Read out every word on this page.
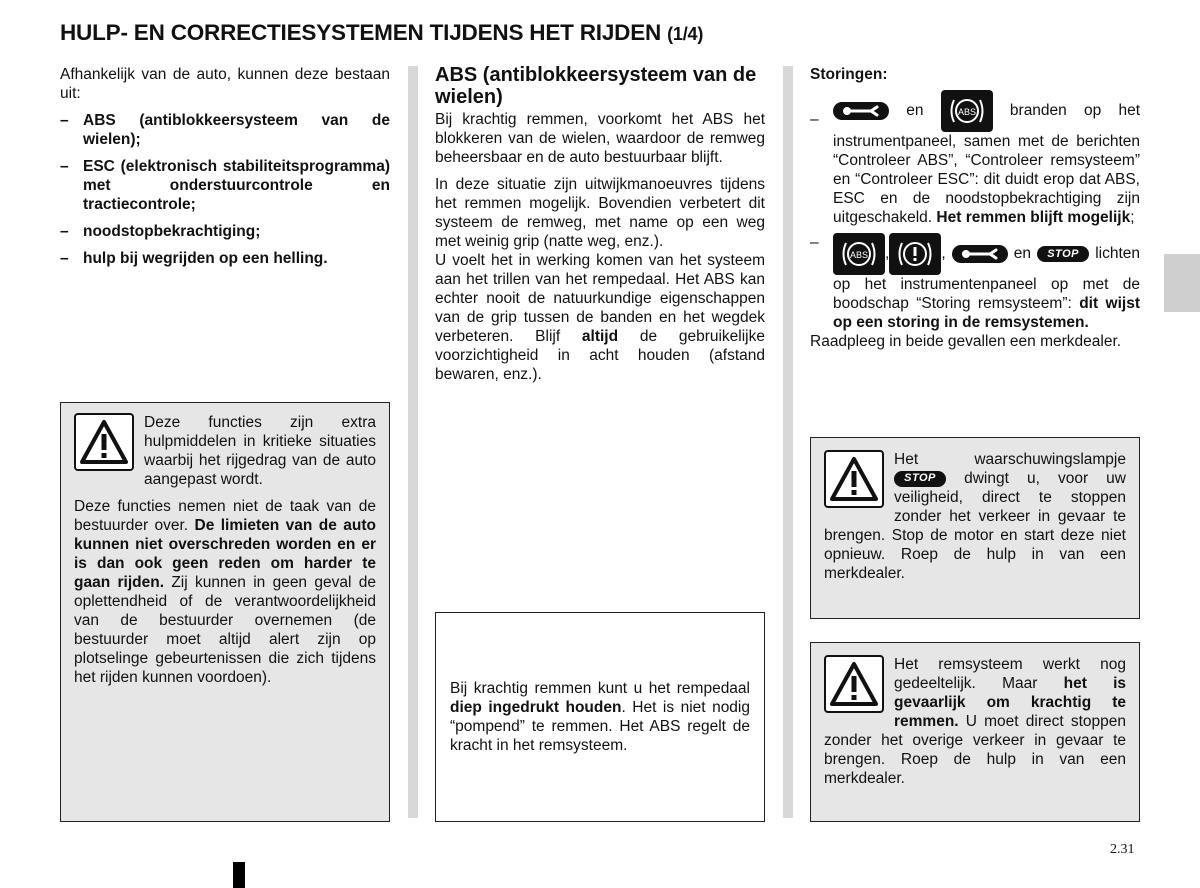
HULP- EN CORRECTIESYSTEMEN TIJDENS HET RIJDEN (1/4)

Afhankelijk van de auto, kunnen deze bestaan uit:

– ABS (antiblokkeersysteem van de wielen);
– ESC (elektronisch stabiliteitsprogramma) met onderstuurcontrole en tractiecontrole;
– noodstopbekrachtiging;
– hulp bij wegrijden op een helling.

Deze functies zijn extra hulpmiddelen in kritieke situaties waarbij het rijgedrag van de auto aangepast wordt.

Deze functies nemen niet de taak van de bestuurder over. De limieten van de auto kunnen niet overschreden worden en er is dan ook geen reden om harder te gaan rijden. Zij kunnen in geen geval de oplettendheid of de verantwoordelijkheid van de bestuurder overnemen (de bestuurder moet altijd alert zijn op plotselinge gebeurtenissen die zich tijdens het rijden kunnen voordoen).

ABS (antiblokkeersysteem van de wielen)

Bij krachtig remmen, voorkomt het ABS het blokkeren van de wielen, waardoor de remweg beheersbaar en de auto bestuurbaar blijft.

In deze situatie zijn uitwijkmanoeuvres tijdens het remmen mogelijk. Bovendien verbetert dit systeem de remweg, met name op een weg met weinig grip (natte weg, enz.).

U voelt het in werking komen van het systeem aan het trillen van het rempedaal. Het ABS kan echter nooit de natuurkundige eigenschappen van de grip tussen de banden en het wegdek verbeteren. Blijf altijd de gebruikelijke voorzichtigheid in acht houden (afstand bewaren, enz.).

Bij krachtig remmen kunt u het rempedaal diep ingedrukt houden. Het is niet nodig “pompend” te remmen. Het ABS regelt de kracht in het remsysteem.

Storingen:

–
en	ABS branden op het instrumentpaneel, samen met de berichten “Controleer ABS”, “Controleer remsysteem” en “Controleer ESC”: dit duidt erop dat ABS, ESC en de noodstopbekrachtiging zijn uitgeschakeld. Het remmen blijft mogelijk;
–
ABS ,	,	en STOP lichten op het instrumentenpaneel op met de boodschap “Storing remsysteem”: dit wijst op een storing in de remsystemen.

Raadpleeg in beide gevallen een merkdealer.

Het waarschuwingslampje STOP dwingt u, voor uw veiligheid, direct te stoppen zonder het verkeer in gevaar te brengen. Stop de motor en start deze niet opnieuw. Roep de hulp in van een merkdealer.

Het remsysteem werkt nog gedeeltelijk. Maar het is gevaarlijk om krachtig te remmen. U moet direct stoppen zonder het overige verkeer in gevaar te brengen. Roep de hulp in van een merkdealer.

2.31
